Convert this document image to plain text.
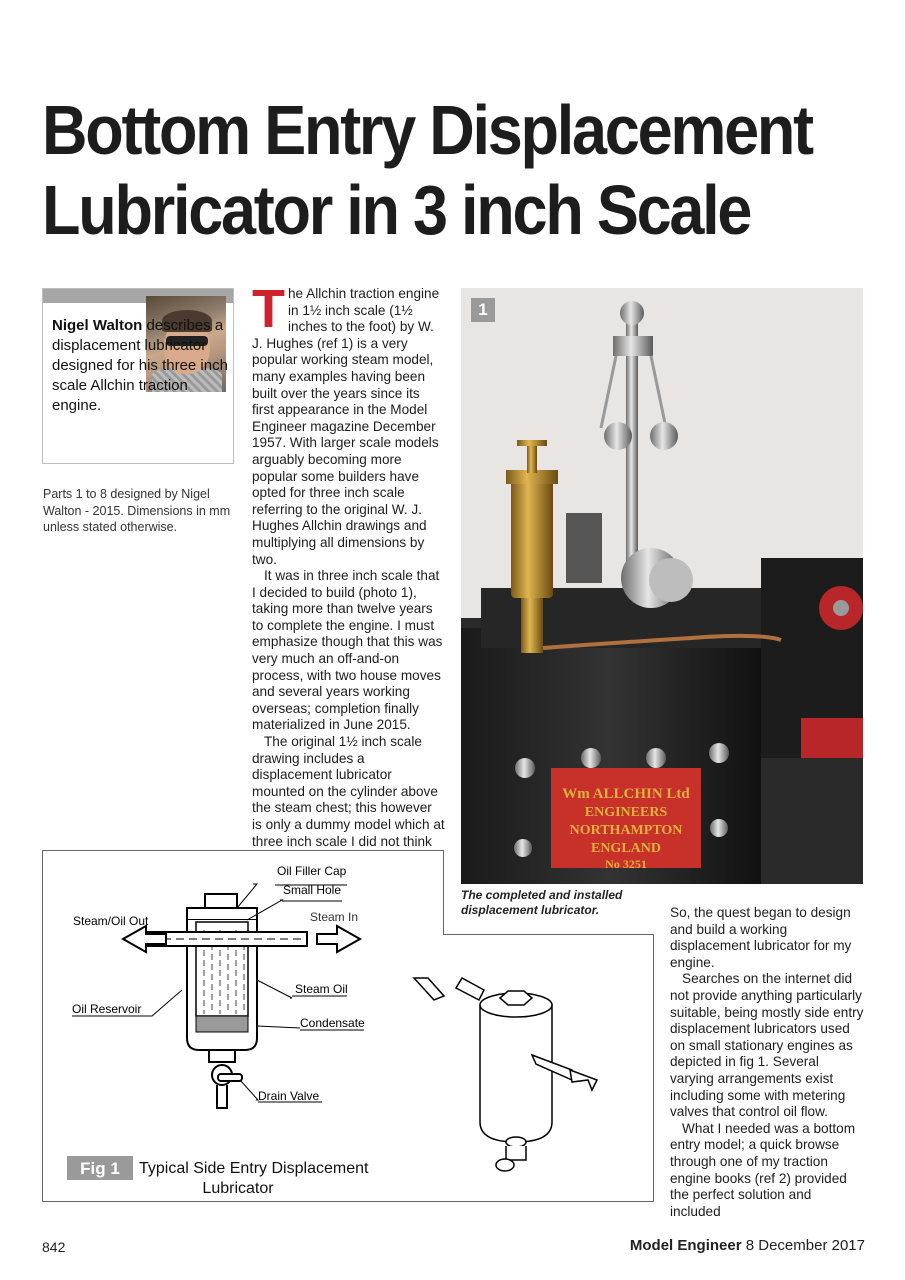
Bottom Entry Displacement
Lubricator in 3 inch Scale
Nigel Walton describes a displacement lubricator designed for his three inch scale Allchin traction engine.
Parts 1 to 8 designed by Nigel Walton - 2015. Dimensions in mm unless stated otherwise.

The Allchin traction engine in 1½ inch scale (1½ inches to the foot) by W. J. Hughes (ref 1) is a very popular working steam model, many examples having been built over the years since its first appearance in the Model Engineer magazine December 1957. With larger scale models arguably becoming more popular some builders have opted for three inch scale referring to the original W. J. Hughes Allchin drawings and multiplying all dimensions by two.

It was in three inch scale that I decided to build (photo 1), taking more than twelve years to complete the engine. I must emphasize though that this was very much an off-and-on process, with two house moves and several years working overseas; completion finally materialized in June 2015.

The original 1½ inch scale drawing includes a displacement lubricator mounted on the cylinder above the steam chest; this however is only a dummy model which at three inch scale I did not think

Wm ALLCHIN Ltd
ENGINEERS
NORTHAMPTON
ENGLAND
No 3251
1
The completed and installed displacement lubricator.	So, the quest began to design and build a working displacement lubricator for my engine.

Searches on the internet did not provide anything particularly suitable, being mostly side entry displacement lubricators used on small stationary engines as depicted in fig 1. Several varying arrangements exist including some with metering valves that control oil flow.

What I needed was a bottom entry model; a quick browse through one of my traction engine books (ref 2) provided the perfect solution and included

Oil Filler Cap
Small Hole
Steam/Oil Out	Steam In
Steam Oil
Oil Reservoir
Condensate
Drain Valve
Fig 1 Typical Side Entry Displacement
Lubricator
842	Model Engineer 8 December 2017
